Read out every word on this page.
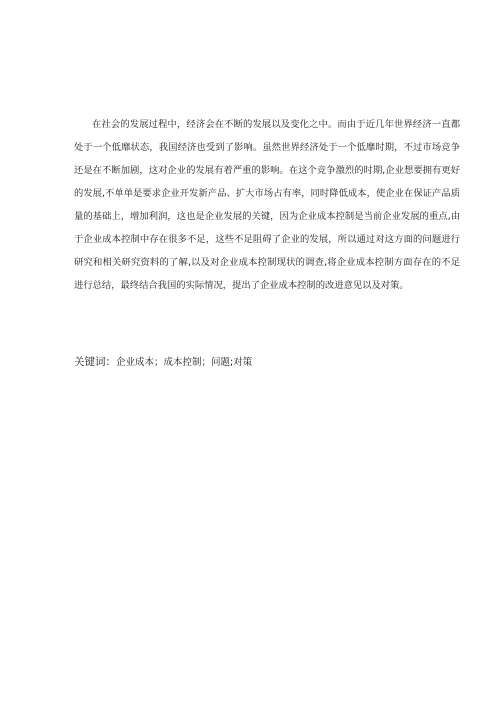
在社会的发展过程中，经济会在不断的发展以及变化之中。而由于近几年世界经济一直都处于一个低靡状态，我国经济也受到了影响。虽然世界经济处于一个低靡时期，不过市场竞争还是在不断加剧，这对企业的发展有着严重的影响。在这个竞争激烈的时期,企业想要拥有更好的发展,不单单是要求企业开发新产品、扩大市场占有率，同时降低成本，使企业在保证产品质量的基础上，增加利润，这也是企业发展的关键，因为企业成本控制是当前企业发展的重点,由于企业成本控制中存在很多不足，这些不足阻碍了企业的发展，所以通过对这方面的问题进行研究和相关研究资料的了解,以及对企业成本控制现状的调查,将企业成本控制方面存在的不足进行总结，最终结合我国的实际情况，提出了企业成本控制的改进意见以及对策。

关键词：企业成本；成本控制；问题;对策
